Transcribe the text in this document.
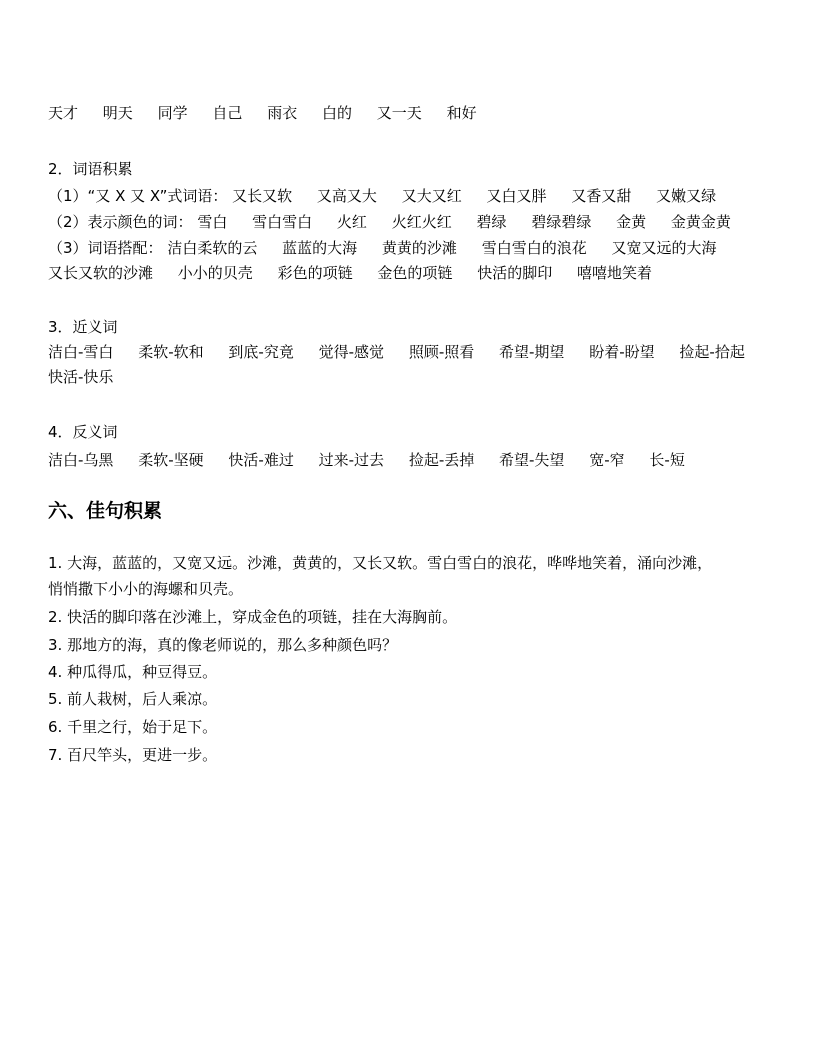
天才 明天 同学 自己 雨衣 白的 又一天 和好
2．词语积累
（1）“又 X 又 X”式词语： 又长又软 又高又大 又大又红 又白又胖 又香又甜 又嫩又绿
（2）表示颜色的词： 雪白 雪白雪白 火红 火红火红 碧绿 碧绿碧绿 金黄 金黄金黄
（3）词语搭配： 洁白柔软的云 蓝蓝的大海 黄黄的沙滩 雪白雪白的浪花 又宽又远的大海
又长又软的沙滩 小小的贝壳 彩色的项链 金色的项链 快活的脚印 嘻嘻地笑着
3．近义词
洁白-雪白 柔软-软和 到底-究竟 觉得-感觉 照顾-照看 希望-期望 盼着-盼望 捡起-拾起
快活-快乐
4．反义词
洁白-乌黑 柔软-坚硬 快活-难过 过来-过去 捡起-丢掉 希望-失望 宽-窄 长-短
六、佳句积累
1. 大海，蓝蓝的，又宽又远。沙滩，黄黄的，又长又软。雪白雪白的浪花，哗哗地笑着，涌向沙滩，
悄悄撒下小小的海螺和贝壳。
2. 快活的脚印落在沙滩上，穿成金色的项链，挂在大海胸前。
3. 那地方的海，真的像老师说的，那么多种颜色吗？
4. 种瓜得瓜，种豆得豆。
5. 前人栽树，后人乘凉。
6. 千里之行，始于足下。
7. 百尺竿头，更进一步。
